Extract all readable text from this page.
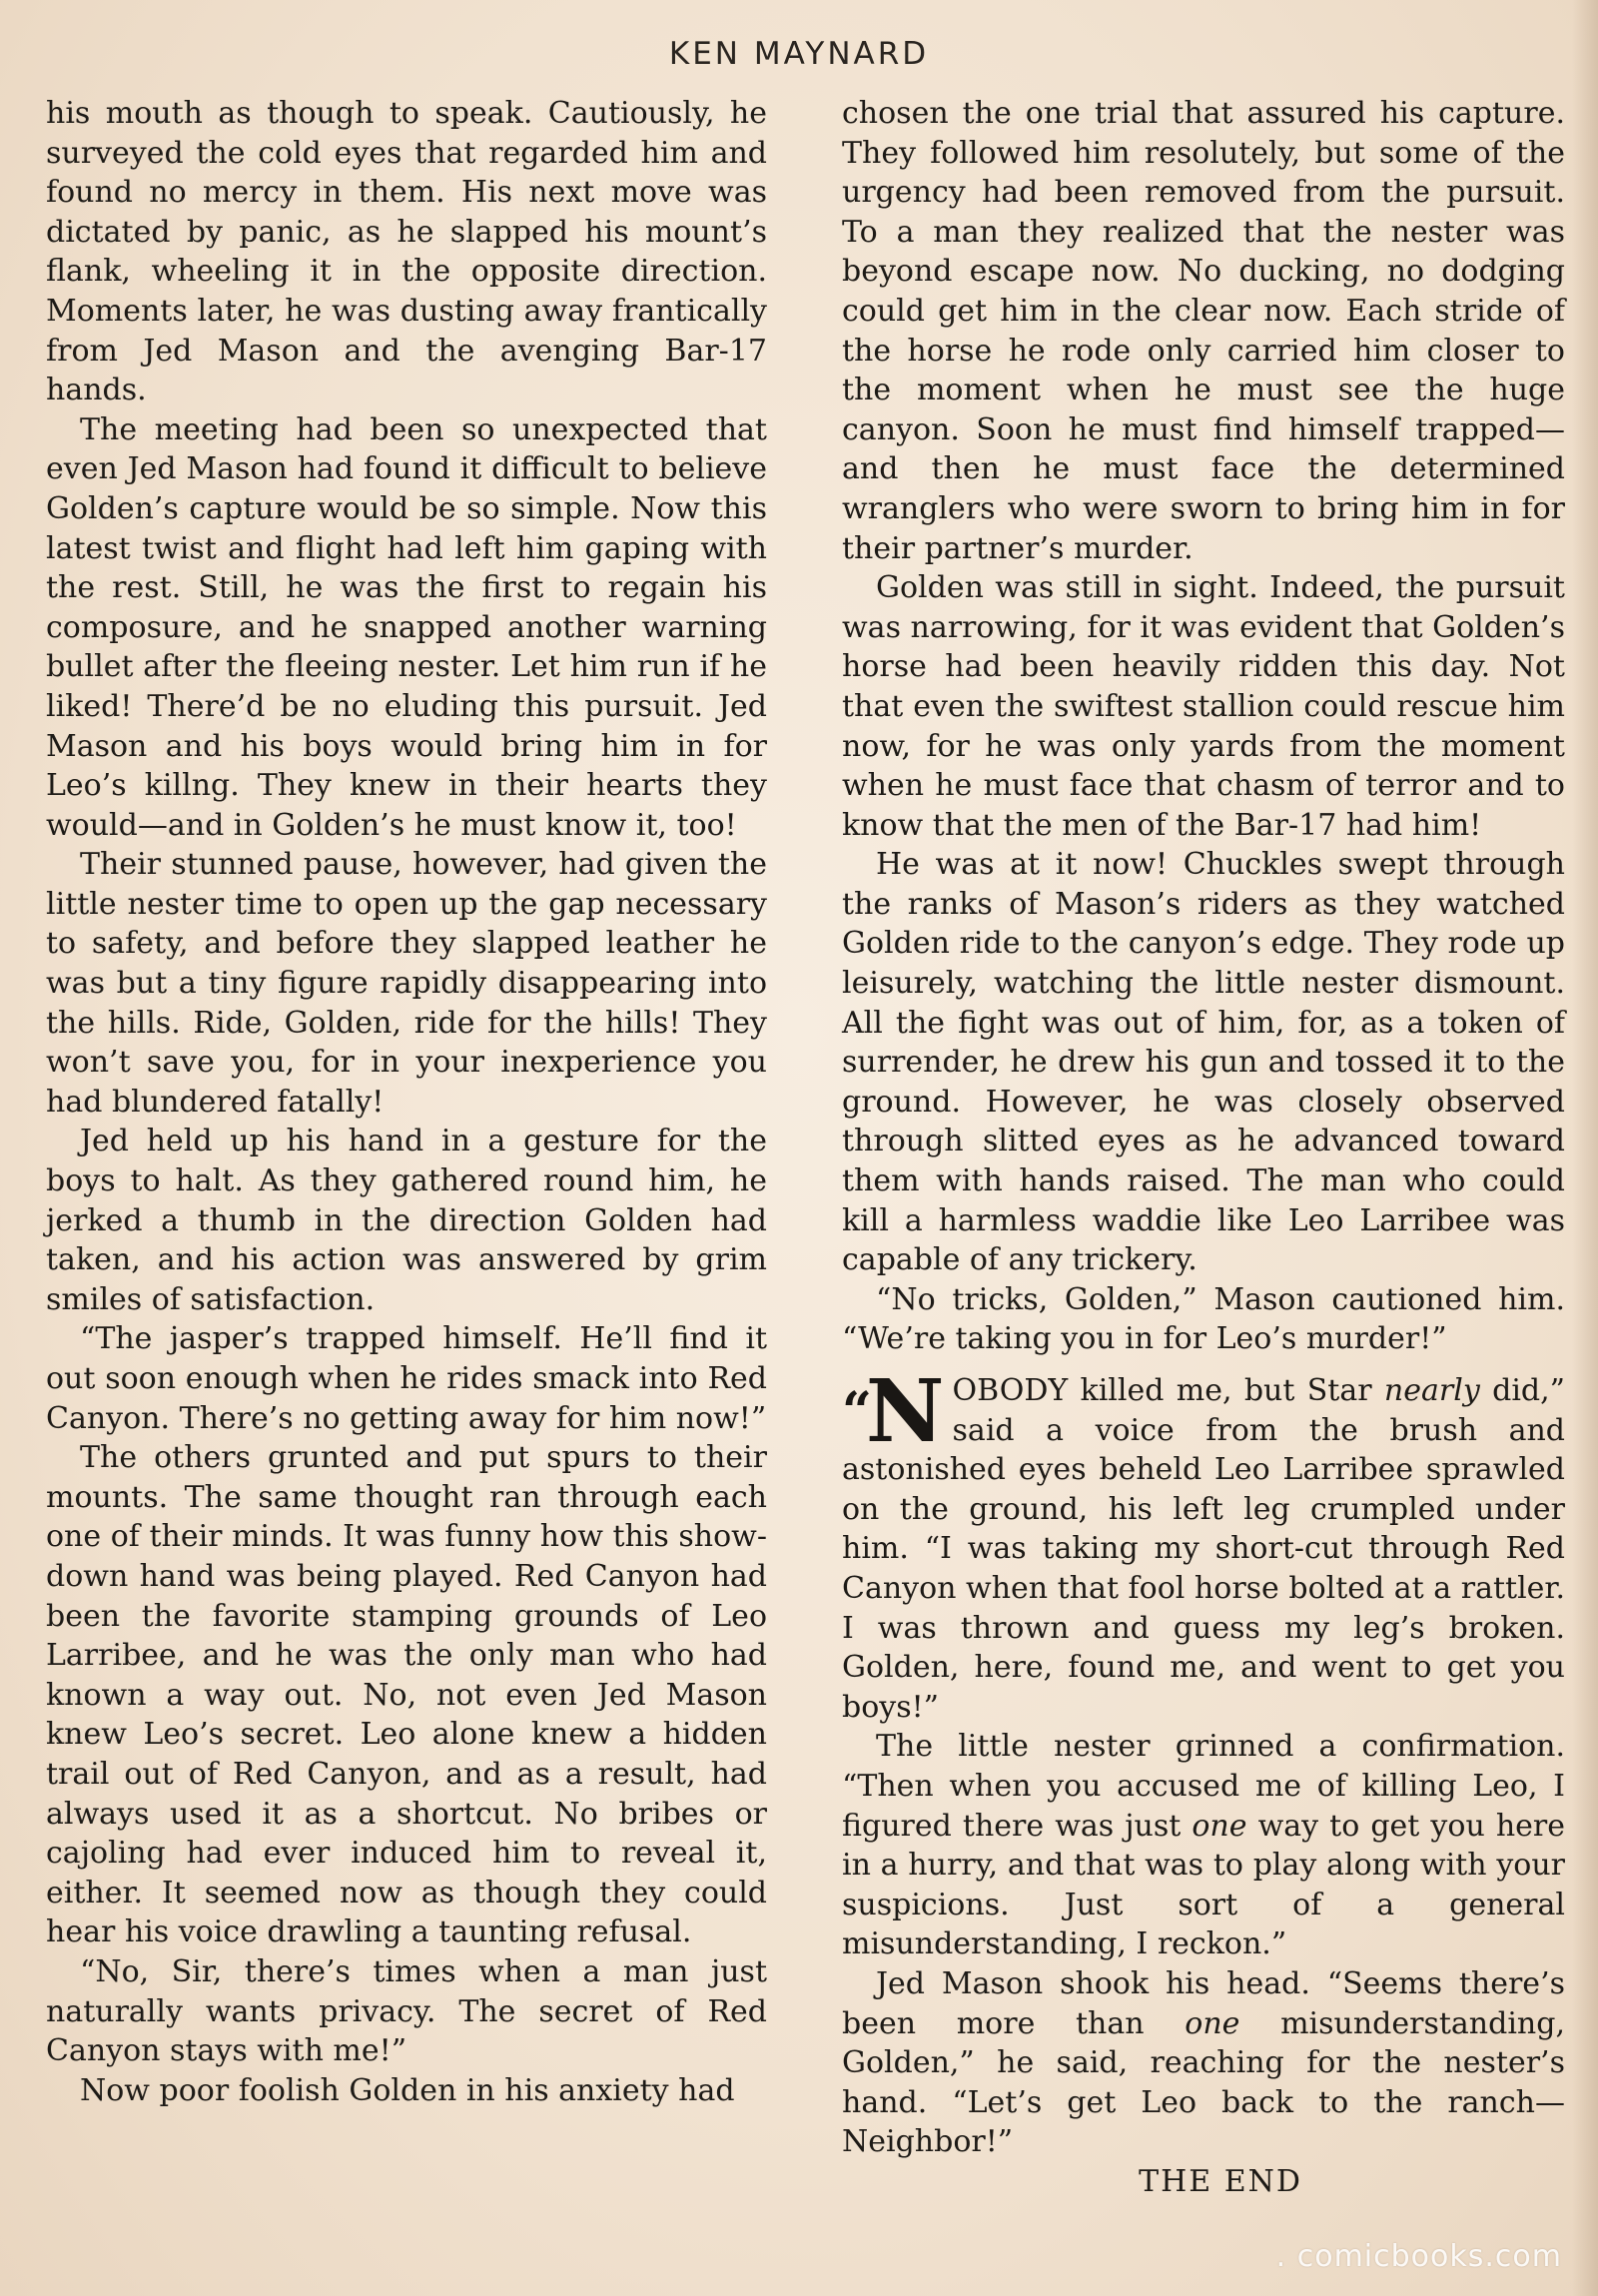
KEN MAYNARD

his mouth as though to speak. Cautiously, he surveyed the cold eyes that regarded him and found no mercy in them. His next move was dictated by panic, as he slapped his mount’s flank, wheeling it in the opposite direction. Moments later, he was dusting away frantically from Jed Mason and the avenging Bar-17 hands.

The meeting had been so unexpected that even Jed Mason had found it difficult to believe Golden’s capture would be so simple. Now this latest twist and flight had left him gaping with the rest. Still, he was the first to regain his composure, and he snapped another warning bullet after the fleeing nester. Let him run if he liked! There’d be no eluding this pursuit. Jed Mason and his boys would bring him in for Leo’s killng. They knew in their hearts they would—and in Golden’s he must know it, too!

Their stunned pause, however, had given the little nester time to open up the gap necessary to safety, and before they slapped leather he was but a tiny figure rapidly disappearing into the hills. Ride, Golden, ride for the hills! They won’t save you, for in your inexperience you had blundered fatally!

Jed held up his hand in a gesture for the boys to halt. As they gathered round him, he jerked a thumb in the direction Golden had taken, and his action was answered by grim smiles of satisfaction.

“The jasper’s trapped himself. He’ll find it out soon enough when he rides smack into Red Canyon. There’s no getting away for him now!”

The others grunted and put spurs to their mounts. The same thought ran through each one of their minds. It was funny how this show-down hand was being played. Red Canyon had been the favorite stamping grounds of Leo Larribee, and he was the only man who had known a way out. No, not even Jed Mason knew Leo’s secret. Leo alone knew a hidden trail out of Red Canyon, and as a result, had always used it as a shortcut. No bribes or cajoling had ever induced him to reveal it, either. It seemed now as though they could hear his voice drawling a taunting refusal.

“No, Sir, there’s times when a man just naturally wants privacy. The secret of Red Canyon stays with me!”

Now poor foolish Golden in his anxiety had

chosen the one trial that assured his capture. They followed him resolutely, but some of the urgency had been removed from the pursuit. To a man they realized that the nester was beyond escape now. No ducking, no dodging could get him in the clear now. Each stride of the horse he rode only carried him closer to the moment when he must see the huge canyon. Soon he must find himself trapped—and then he must face the determined wranglers who were sworn to bring him in for their partner’s murder.

Golden was still in sight. Indeed, the pursuit was narrowing, for it was evident that Golden’s horse had been heavily ridden this day. Not that even the swiftest stallion could rescue him now, for he was only yards from the moment when he must face that chasm of terror and to know that the men of the Bar-17 had him!

He was at it now! Chuckles swept through the ranks of Mason’s riders as they watched Golden ride to the canyon’s edge. They rode up leisurely, watching the little nester dismount. All the fight was out of him, for, as a token of surrender, he drew his gun and tossed it to the ground. However, he was closely observed through slitted eyes as he advanced toward them with hands raised. The man who could kill a harmless waddie like Leo Larribee was capable of any trickery.

“No tricks, Golden,” Mason cautioned him. “We’re taking you in for Leo’s murder!”

“N OBODY killed me, but Star nearly did,” said a voice from the brush and astonished eyes beheld Leo Larribee sprawled on the ground, his left leg crumpled under him. “I was taking my short-cut through Red Canyon when that fool horse bolted at a rattler. I was thrown and guess my leg’s broken. Golden, here, found me, and went to get you boys!”

The little nester grinned a confirmation. “Then when you accused me of killing Leo, I figured there was just one way to get you here in a hurry, and that was to play along with your suspicions. Just sort of a general misunderstanding, I reckon.”

Jed Mason shook his head. “Seems there’s been more than one misunderstanding, Golden,” he said, reaching for the nester’s hand. “Let’s get Leo back to the ranch—Neighbor!”

THE END

. comicbooks.com
